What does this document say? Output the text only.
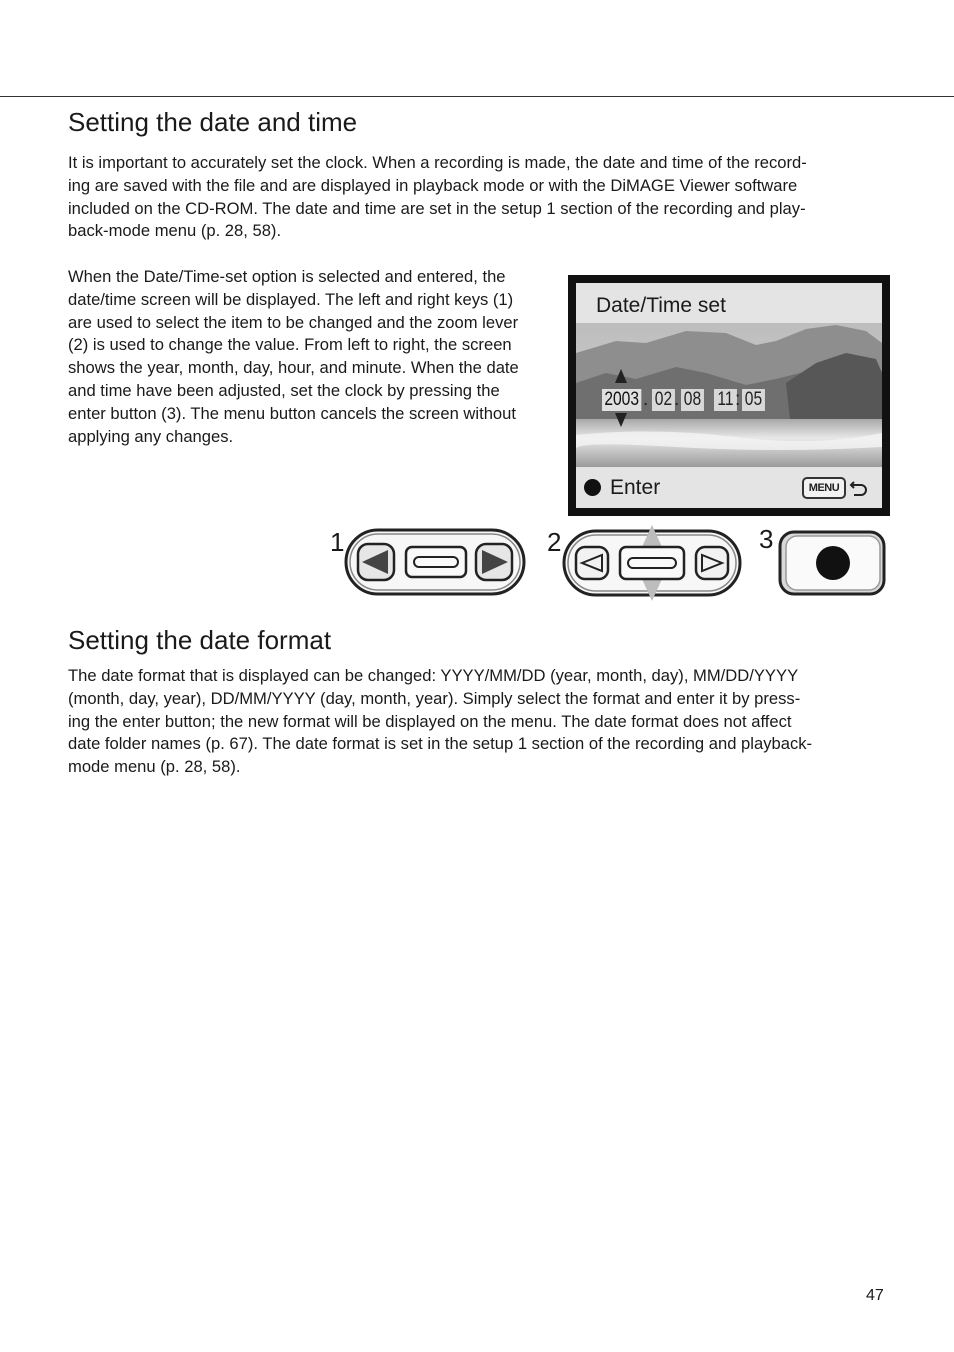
Setting the date and time
It is important to accurately set the clock. When a recording is made, the date and time of the record-
ing are saved with the file and are displayed in playback mode or with the DiMAGE Viewer software
included on the CD-ROM. The date and time are set in the setup 1 section of the recording and play-
back-mode menu (p. 28, 58).
When the Date/Time-set option is selected and entered, the
date/time screen will be displayed. The left and right keys (1)
are used to select the item to be changed and the zoom lever
(2) is used to change the value. From left to right, the screen
shows the year, month, day, hour, and minute. When the date
and time have been adjusted, set the clock by pressing the
enter button (3). The menu button cancels the screen without
applying any changes.
Date/Time set
2003 . 02 . 08 11 : 05
Enter	MENU
1	2	3
Setting the date format
The date format that is displayed can be changed: YYYY/MM/DD (year, month, day), MM/DD/YYYY
(month, day, year), DD/MM/YYYY (day, month, year). Simply select the format and enter it by press-
ing the enter button; the new format will be displayed on the menu. The date format does not affect
date folder names (p. 67). The date format is set in the setup 1 section of the recording and playback-
mode menu (p. 28, 58).
47
